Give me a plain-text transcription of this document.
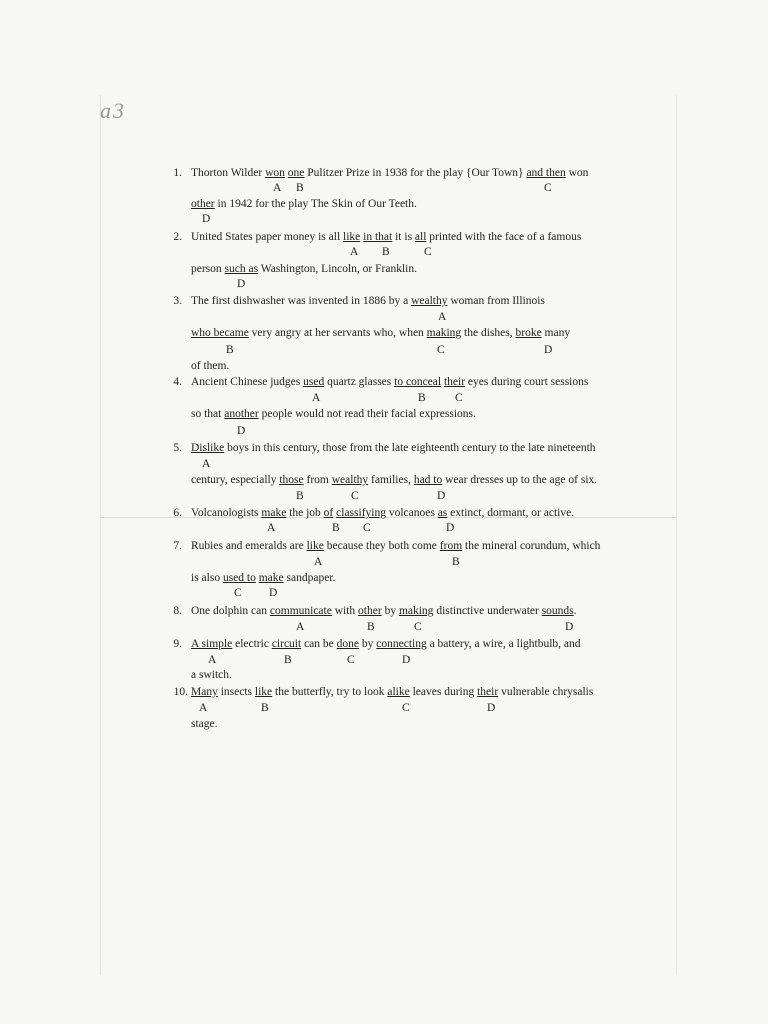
a3
1. Thorton Wilder won one Pulitzer Prize in 1938 for the play {Our Town} and then won
A B	C
other in 1942 for the play The Skin of Our Teeth.
D
2. United States paper money is all like in that it is all printed with the face of a famous
A B	C
person such as Washington, Lincoln, or Franklin.
D
3. The first dishwasher was invented in 1886 by a wealthy woman from Illinois
A
who became very angry at her servants who, when making the dishes, broke many
B	C	D
of them.
4. Ancient Chinese judges used quartz glasses to conceal their eyes during court sessions
A	B	C
so that another people would not read their facial expressions.
D
5. Dislike boys in this century, those from the late eighteenth century to the late nineteenth
A
century, especially those from wealthy families, had to wear dresses up to the age of six.
B	C	D
6. Volcanologists make the job of classifying volcanoes as extinct, dormant, or active.
A	B C	D
7. Rubies and emeralds are like because they both come from the mineral corundum, which
A	B
is also used to make sandpaper.
C D
8. One dolphin can communicate with other by making distinctive underwater sounds.
A	B	C	D
9. A simple electric circuit can be done by connecting a battery, a wire, a lightbulb, and
A	B	C	D
a switch.
10. Many insects like the butterfly, try to look alike leaves during their vulnerable chrysalis
A	B	C	D
stage.
